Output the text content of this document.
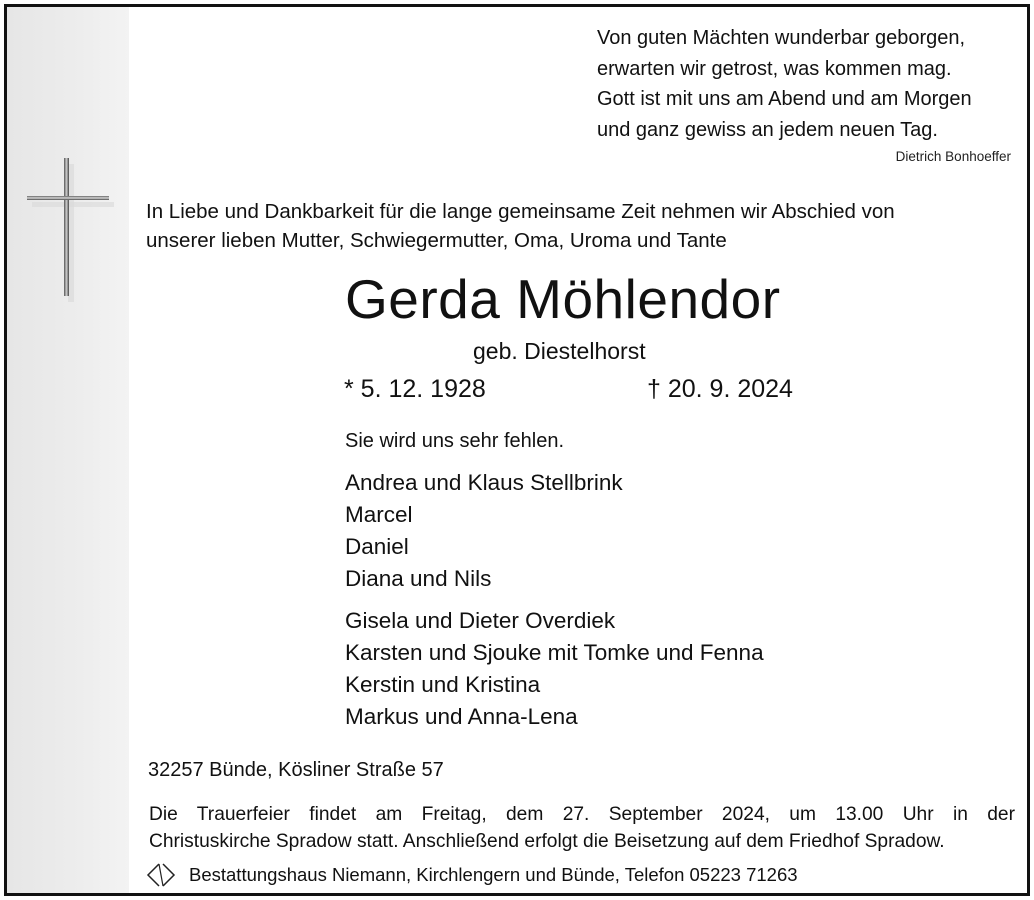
Von guten Mächten wunderbar geborgen,
erwarten wir getrost, was kommen mag.
Gott ist mit uns am Abend und am Morgen
und ganz gewiss an jedem neuen Tag.
Dietrich Bonhoeffer
In Liebe und Dankbarkeit für die lange gemeinsame Zeit nehmen wir Abschied von
unserer lieben Mutter, Schwiegermutter, Oma, Uroma und Tante
Gerda Möhlendor
geb. Diestelhorst
* 5. 12. 1928	† 20. 9. 2024
Sie wird uns sehr fehlen.
Andrea und Klaus Stellbrink
Marcel
Daniel
Diana und Nils
Gisela und Dieter Overdiek
Karsten und Sjouke mit Tomke und Fenna
Kerstin und Kristina
Markus und Anna-Lena
32257 Bünde, Kösliner Straße 57
Die Trauerfeier findet am Freitag, dem 27. September 2024, um 13.00 Uhr in der
Christuskirche Spradow statt. Anschließend erfolgt die Beisetzung auf dem Friedhof Spradow.
Bestattungshaus Niemann, Kirchlengern und Bünde, Telefon 05223 71263
